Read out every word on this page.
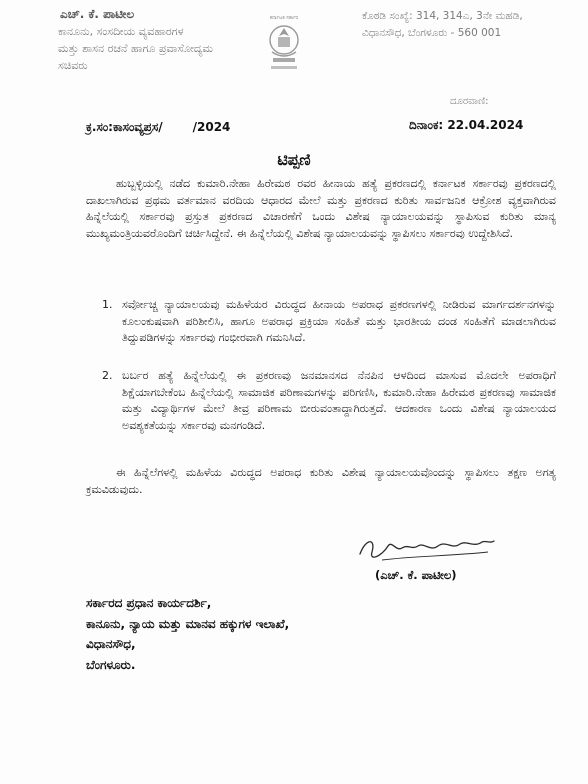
ಎಚ್. ಕೆ. ಪಾಟೀಲ
ಕಾನೂನು, ಸಂಸದೀಯ ವ್ಯವಹಾರಗಳ
ಮತ್ತು ಶಾಸನ ರಚನೆ ಹಾಗೂ ಪ್ರವಾಸೋದ್ಯಮ ಸಚಿವರು
ಕರ್ನಾಟಕ ಸರ್ಕಾರ	ಕೊಠಡಿ ಸಂಖ್ಯೆ: 314, 314ಎ, 3ನೇ ಮಹಡಿ,
ವಿಧಾನಸೌಧ, ಬೆಂಗಳೂರು - 560 001
ದೂರವಾಣಿ:
ಕ್ರ.ಸಂ:ಕಾಸಂವ್ಯಪ್ರಸ/	/2024	ದಿನಾಂಕ: 22.04.2024
ಟಿಪ್ಪಣಿ
ಹುಬ್ಬಳ್ಳಿಯಲ್ಲಿ ನಡೆದ ಕುಮಾರಿ.ನೇಹಾ ಹಿರೇಮಠ ರವರ ಹೀನಾಯ ಹತ್ಯೆ ಪ್ರಕರಣದಲ್ಲಿ ಕರ್ನಾಟಕ ಸರ್ಕಾರವು ಪ್ರಕರಣದಲ್ಲಿ ದಾಖಲಾಗಿರುವ ಪ್ರಥಮ ವರ್ತಮಾನ ವರದಿಯ ಆಧಾರದ ಮೇಲೆ ಮತ್ತು ಪ್ರಕರಣದ ಕುರಿತು ಸಾರ್ವಜನಿಕ ಆಕ್ರೋಶ ವ್ಯಕ್ತವಾಗಿರುವ ಹಿನ್ನೆಲೆಯಲ್ಲಿ ಸರ್ಕಾರವು ಪ್ರಸ್ತುತ ಪ್ರಕರಣದ ವಿಚಾರಣೆಗೆ ಒಂದು ವಿಶೇಷ ನ್ಯಾಯಾಲಯವನ್ನು ಸ್ಥಾಪಿಸುವ ಕುರಿತು ಮಾನ್ಯ ಮುಖ್ಯಮಂತ್ರಿಯವರೊಂದಿಗೆ ಚರ್ಚಿಸಿದ್ದೇನೆ. ಈ ಹಿನ್ನೆಲೆಯಲ್ಲಿ ವಿಶೇಷ ನ್ಯಾಯಾಲಯವನ್ನು ಸ್ಥಾಪಿಸಲು ಸರ್ಕಾರವು ಉದ್ದೇಶಿಸಿದೆ.
1. ಸರ್ವೋಚ್ಚ ನ್ಯಾಯಾಲಯವು ಮಹಿಳೆಯರ ವಿರುದ್ಧದ ಹೀನಾಯ ಅಪರಾಧ ಪ್ರಕರಣಗಳಲ್ಲಿ ನೀಡಿರುವ ಮಾರ್ಗದರ್ಶನಗಳನ್ನು ಕೂಲಂಕುಷವಾಗಿ ಪರಿಶೀಲಿಸಿ, ಹಾಗೂ ಅಪರಾಧ ಪ್ರಕ್ರಿಯಾ ಸಂಹಿತೆ ಮತ್ತು ಭಾರತೀಯ ದಂಡ ಸಂಹಿತೆಗೆ ಮಾಡಲಾಗಿರುವ ತಿದ್ದುಪಡಿಗಳನ್ನು ಸರ್ಕಾರವು ಗಂಭೀರವಾಗಿ ಗಮನಿಸಿದೆ.
2. ಬರ್ಬರ ಹತ್ಯೆ ಹಿನ್ನೆಲೆಯಲ್ಲಿ ಈ ಪ್ರಕರಣವು ಜನಮಾನಸದ ನೆನಪಿನ ಆಳದಿಂದ ಮಾಸುವ ಮೊದಲೇ ಅಪರಾಧಿಗೆ ಶಿಕ್ಷೆಯಾಗಬೇಕೆಂಬ ಹಿನ್ನೆಲೆಯಲ್ಲಿ ಸಾಮಾಜಿಕ ಪರಿಣಾಮಗಳನ್ನು ಪರಿಗಣಿಸಿ, ಕುಮಾರಿ.ನೇಹಾ ಹಿರೇಮಠ ಪ್ರಕರಣವು ಸಾಮಾಜಿಕ ಮತ್ತು ವಿದ್ಯಾರ್ಥಿಗಳ ಮೇಲೆ ತೀವ್ರ ಪರಿಣಾಮ ಬೀರುವಂತಾದ್ದಾಗಿರುತ್ತದೆ. ಆದಕಾರಣ ಒಂದು ವಿಶೇಷ ನ್ಯಾಯಾಲಯದ ಅವಶ್ಯಕತೆಯನ್ನು ಸರ್ಕಾರವು ಮನಗಂಡಿದೆ.
ಈ ಹಿನ್ನೆಲೆಗಳಲ್ಲಿ ಮಹಿಳೆಯ ವಿರುದ್ಧದ ಅಪರಾಧ ಕುರಿತು ವಿಶೇಷ ನ್ಯಾಯಾಲಯವೊಂದನ್ನು ಸ್ಥಾಪಿಸಲು ತಕ್ಷಣ ಅಗತ್ಯ ಕ್ರಮವಿಡುವುದು.
(ಎಚ್. ಕೆ. ಪಾಟೀಲ)
ಸರ್ಕಾರದ ಪ್ರಧಾನ ಕಾರ್ಯದರ್ಶಿ,
ಕಾನೂನು, ನ್ಯಾಯ ಮತ್ತು ಮಾನವ ಹಕ್ಕುಗಳ ಇಲಾಖೆ,
ವಿಧಾನಸೌಧ,
ಬೆಂಗಳೂರು.
